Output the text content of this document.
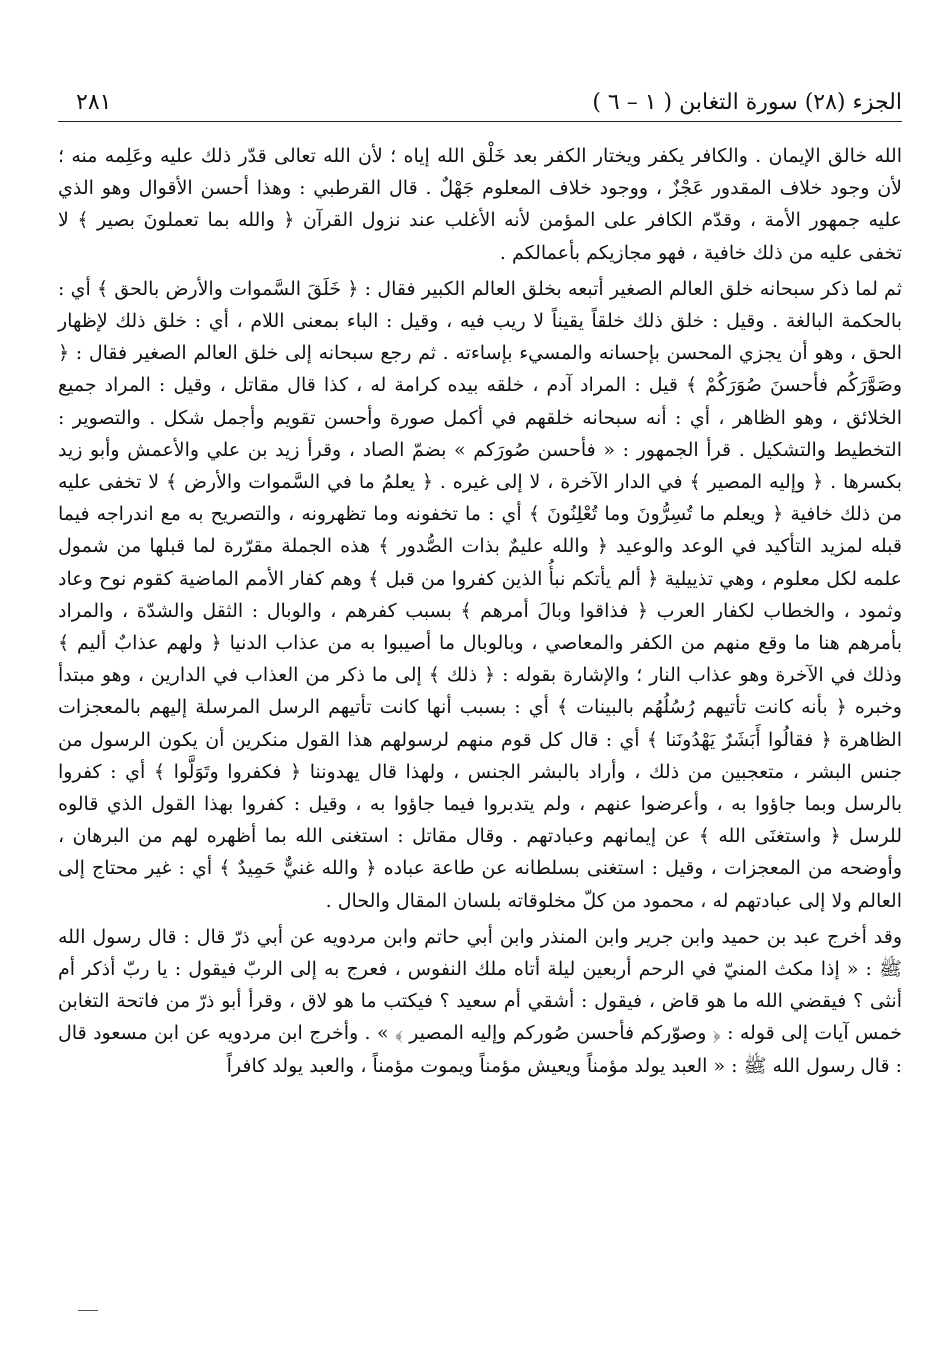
الجزء (٢٨) سورة التغابن ( ١ – ٦ )
٢٨١

الله خالق الإيمان . والكافر يكفر ويختار الكفر بعد خَلْق الله إياه ؛ لأن الله تعالى قدّر ذلك عليه وعَلِمه منه ؛ لأن وجود خلاف المقدور عَجْزٌ ، ووجود خلاف المعلوم جَهْلٌ . قال القرطبي : وهذا أحسن الأقوال وهو الذي عليه جمهور الأمة ، وقدّم الكافر على المؤمن لأنه الأغلب عند نزول القرآن ﴿ والله بما تعملونَ بصير ﴾ لا تخفى عليه من ذلك خافية ، فهو مجازيكم بأعمالكم .

ثم لما ذكر سبحانه خلق العالم الصغير أتبعه بخلق العالم الكبير فقال : ﴿ خَلَقَ السَّموات والأرض بالحق ﴾ أي : بالحكمة البالغة . وقيل : خلق ذلك خلقاً يقيناً لا ريب فيه ، وقيل : الباء بمعنى اللام ، أي : خلق ذلك لإظهار الحق ، وهو أن يجزي المحسن بإحسانه والمسيء بإساءته . ثم رجع سبحانه إلى خلق العالم الصغير فقال : ﴿ وصَوَّرَكُم فأحسنَ صُوَرَكُمْ ﴾ قيل : المراد آدم ، خلقه بيده كرامة له ، كذا قال مقاتل ، وقيل : المراد جميع الخلائق ، وهو الظاهر ، أي : أنه سبحانه خلقهم في أكمل صورة وأحسن تقويم وأجمل شكل . والتصوير : التخطيط والتشكيل . قرأ الجمهور : « فأحسن صُورَكم » بضمّ الصاد ، وقرأ زيد بن علي والأعمش وأبو زيد بكسرها . ﴿ وإليه المصير ﴾ في الدار الآخرة ، لا إلى غيره . ﴿ يعلمُ ما في السَّموات والأرض ﴾ لا تخفى عليه من ذلك خافية ﴿ ويعلم ما تُسِرُّونَ وما تُعْلِنُونَ ﴾ أي : ما تخفونه وما تظهرونه ، والتصريح به مع اندراجه فيما قبله لمزيد التأكيد في الوعد والوعيد ﴿ والله عليمٌ بذات الصُّدور ﴾ هذه الجملة مقرّرة لما قبلها من شمول علمه لكل معلوم ، وهي تذييلية ﴿ ألم يأتكم نبأُ الذين كفروا من قبل ﴾ وهم كفار الأمم الماضية كقوم نوح وعاد وثمود ، والخطاب لكفار العرب ﴿ فذاقوا وبالَ أمرهم ﴾ بسبب كفرهم ، والوبال : الثقل والشدّة ، والمراد بأمرهم هنا ما وقع منهم من الكفر والمعاصي ، وبالوبال ما أصيبوا به من عذاب الدنيا ﴿ ولهم عذابٌ أليم ﴾ وذلك في الآخرة وهو عذاب النار ؛ والإشارة بقوله : ﴿ ذلك ﴾ إلى ما ذكر من العذاب في الدارين ، وهو مبتدأ وخبره ﴿ بأنه كانت تأتيهم رُسُلُهُم بالبينات ﴾ أي : بسبب أنها كانت تأتيهم الرسل المرسلة إليهم بالمعجزات الظاهرة ﴿ فقالُوا أَبَشَرٌ يَهْدُونَنا ﴾ أي : قال كل قوم منهم لرسولهم هذا القول منكرين أن يكون الرسول من جنس البشر ، متعجبين من ذلك ، وأراد بالبشر الجنس ، ولهذا قال يهدوننا ﴿ فكفروا وتَوَلَّوا ﴾ أي : كفروا بالرسل وبما جاؤوا به ، وأعرضوا عنهم ، ولم يتدبروا فيما جاؤوا به ، وقيل : كفروا بهذا القول الذي قالوه للرسل ﴿ واستغنَى الله ﴾ عن إيمانهم وعبادتهم . وقال مقاتل : استغنى الله بما أظهره لهم من البرهان ، وأوضحه من المعجزات ، وقيل : استغنى بسلطانه عن طاعة عباده ﴿ والله غنيٌّ حَمِيدٌ ﴾ أي : غير محتاج إلى العالم ولا إلى عبادتهم له ، محمود من كلّ مخلوقاته بلسان المقال والحال .

وقد أخرج عبد بن حميد وابن جرير وابن المنذر وابن أبي حاتم وابن مردويه عن أبي ذرّ قال : قال رسول الله ﷺ : « إذا مكث المنيّ في الرحم أربعين ليلة أتاه ملك النفوس ، فعرج به إلى الربّ فيقول : يا ربّ أذكر أم أنثى ؟ فيقضي الله ما هو قاض ، فيقول : أشقي أم سعيد ؟ فيكتب ما هو لاق ، وقرأ أبو ذرّ من فاتحة التغابن خمس آيات إلى قوله : ﴿ وصوّركم فأحسن صُوركم وإليه المصير ﴾ » . وأخرج ابن مردويه عن ابن مسعود قال : قال رسول الله ﷺ : « العبد يولد مؤمناً ويعيش مؤمناً ويموت مؤمناً ، والعبد يولد كافراً
